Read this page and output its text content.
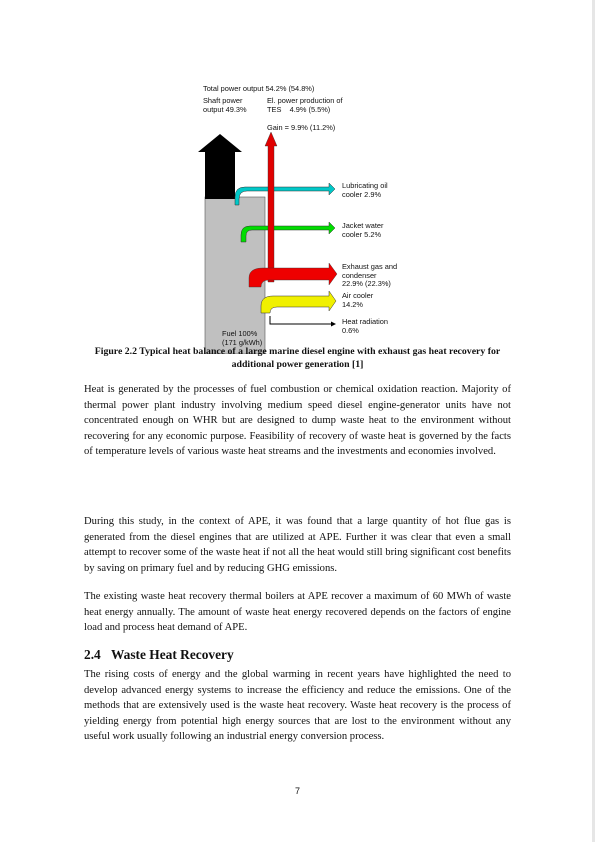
Total power output 54.2% (54.8%)
Shaft power
output 49.3%
El. power production of
TES    4.9% (5.5%)
Gain = 9.9% (11.2%)
Lubricating oil
cooler 2.9%
Jacket water
cooler 5.2%
Exhaust gas and
condenser
22.9% (22.3%)
Air cooler
14.2%
Heat radiation
0.6%
Fuel 100%
(171 g/kWh)
Figure 2.2 Typical heat balance of a large marine diesel engine with exhaust gas heat recovery for additional power generation [1]

Heat is generated by the processes of fuel combustion or chemical oxidation reaction. Majority of thermal power plant industry involving medium speed diesel engine-generator units have not concentrated enough on WHR but are designed to dump waste heat to the environment without recovering for any economic purpose. Feasibility of recovery of waste heat is governed by the facts of temperature levels of various waste heat streams and the investments and economies involved.

During this study, in the context of APE, it was found that a large quantity of hot flue gas is generated from the diesel engines that are utilized at APE. Further it was clear that even a small attempt to recover some of the waste heat if not all the heat would still bring significant cost benefits by saving on primary fuel and by reducing GHG emissions.

The existing waste heat recovery thermal boilers at APE recover a maximum of 60 MWh of waste heat energy annually. The amount of waste heat energy recovered depends on the factors of engine load and process heat demand of APE.

2.4 Waste Heat Recovery

The rising costs of energy and the global warming in recent years have highlighted the need to develop advanced energy systems to increase the efficiency and reduce the emissions. One of the methods that are extensively used is the waste heat recovery. Waste heat recovery is the process of yielding energy from potential high energy sources that are lost to the environment without any useful work usually following an industrial energy conversion process.

7
